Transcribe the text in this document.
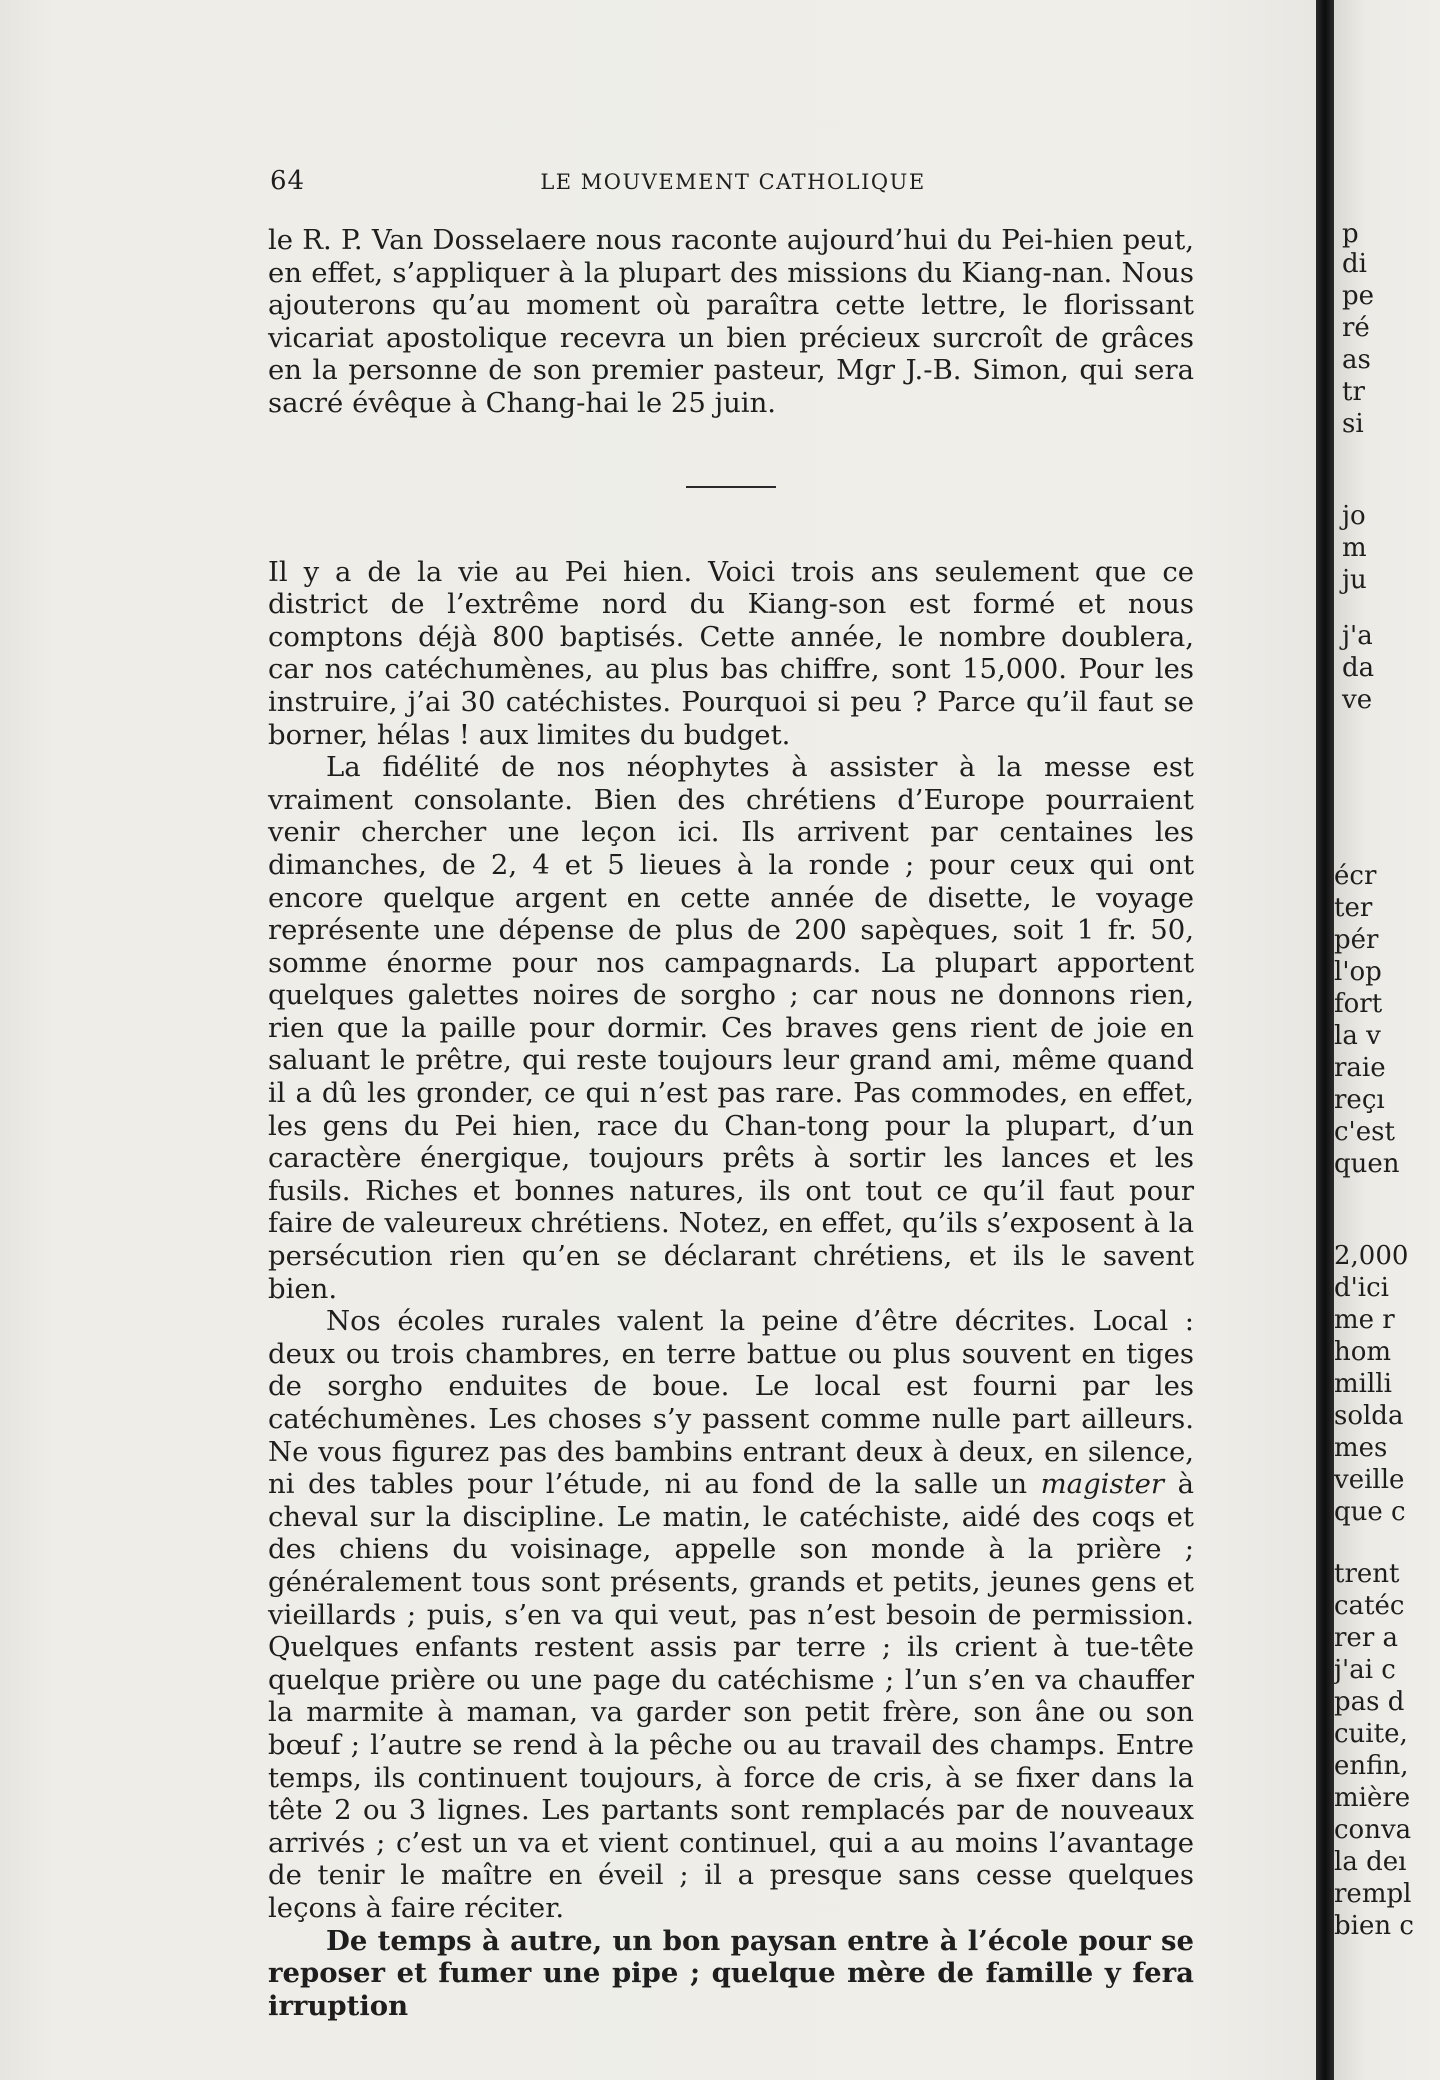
64	LE MOUVEMENT CATHOLIQUE

le R. P. Van Dosselaere nous raconte aujourd’hui du Pei-hien peut, en effet, s’appliquer à la plupart des missions du Kiang-nan. Nous ajouterons qu’au moment où paraîtra cette lettre, le florissant vicariat apostolique recevra un bien précieux surcroît de grâces en la personne de son premier pasteur, Mgr J.-B. Simon, qui sera sacré évêque à Chang-hai le 25 juin.

Il y a de la vie au Pei hien. Voici trois ans seulement que ce district de l’extrême nord du Kiang-son est formé et nous comptons déjà 800 baptisés. Cette année, le nombre doublera, car nos catéchumènes, au plus bas chiffre, sont 15,000. Pour les instruire, j’ai 30 catéchistes. Pourquoi si peu ? Parce qu’il faut se borner, hélas ! aux limites du budget.

La fidélité de nos néophytes à assister à la messe est vraiment consolante. Bien des chrétiens d’Europe pourraient venir chercher une leçon ici. Ils arrivent par centaines les dimanches, de 2, 4 et 5 lieues à la ronde ; pour ceux qui ont encore quelque argent en cette année de disette, le voyage représente une dépense de plus de 200 sapèques, soit 1 fr. 50, somme énorme pour nos campagnards. La plupart apportent quelques galettes noires de sorgho ; car nous ne donnons rien, rien que la paille pour dormir. Ces braves gens rient de joie en saluant le prêtre, qui reste toujours leur grand ami, même quand il a dû les gronder, ce qui n’est pas rare. Pas commodes, en effet, les gens du Pei hien, race du Chan-tong pour la plupart, d’un caractère énergique, toujours prêts à sortir les lances et les fusils. Riches et bonnes natures, ils ont tout ce qu’il faut pour faire de valeureux chrétiens. Notez, en effet, qu’ils s’exposent à la persécution rien qu’en se déclarant chrétiens, et ils le savent bien.

Nos écoles rurales valent la peine d’être décrites. Local : deux ou trois chambres, en terre battue ou plus souvent en tiges de sorgho enduites de boue. Le local est fourni par les catéchumènes. Les choses s’y passent comme nulle part ailleurs. Ne vous figurez pas des bambins entrant deux à deux, en silence, ni des tables pour l’étude, ni au fond de la salle un magister à cheval sur la discipline. Le matin, le catéchiste, aidé des coqs et des chiens du voisinage, appelle son monde à la prière ; généralement tous sont présents, grands et petits, jeunes gens et vieillards ; puis, s’en va qui veut, pas n’est besoin de permission. Quelques enfants restent assis par terre ; ils crient à tue-tête quelque prière ou une page du catéchisme ; l’un s’en va chauffer la marmite à maman, va garder son petit frère, son âne ou son bœuf ; l’autre se rend à la pêche ou au travail des champs. Entre temps, ils continuent toujours, à force de cris, à se fixer dans la tête 2 ou 3 lignes. Les partants sont remplacés par de nouveaux arrivés ; c’est un va et vient continuel, qui a au moins l’avantage de tenir le maître en éveil ; il a presque sans cesse quelques leçons à faire réciter.

De temps à autre, un bon paysan entre à l’école pour se reposer et fumer une pipe ; quelque mère de famille y fera irruption

p
di
pe
ré
as
tr
si
jo
m
ju
j'a
da
ve
écr
ter
pér
l'op
fort
la v
raie
reçı
c'est
quen
2,000
d'ici
me r
hom
milli
solda
mes
veille
que c
trent
catéc
rer a
j'ai c
pas d
cuite,
enfin,
mière
conva
la deı
rempl
bien c
